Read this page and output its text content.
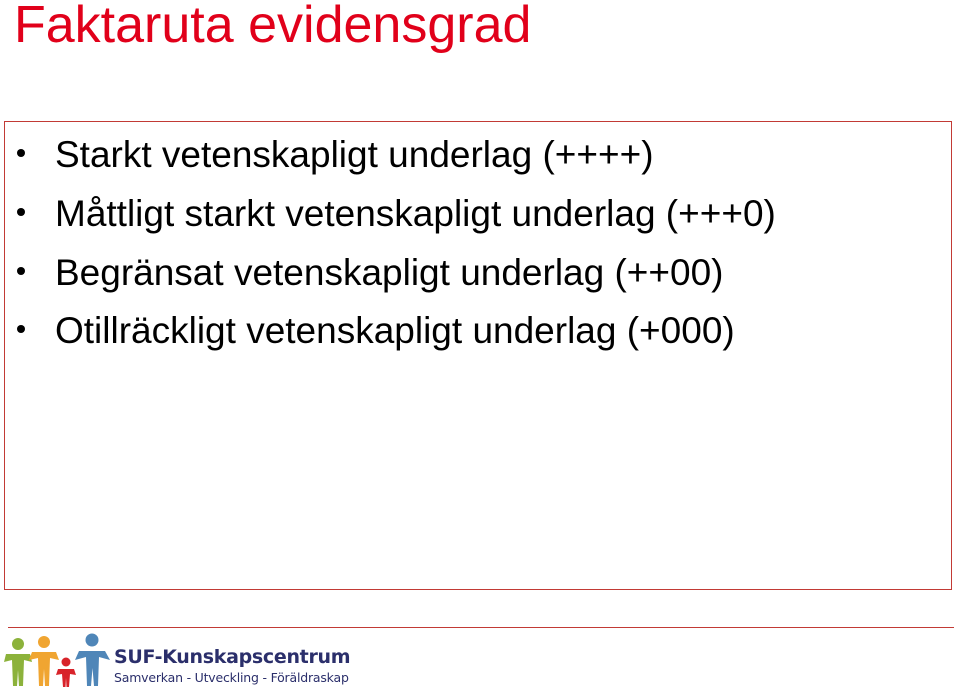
Faktaruta evidensgrad
Starkt vetenskapligt underlag (++++)
Måttligt starkt vetenskapligt underlag (+++0)
Begränsat vetenskapligt underlag (++00)
Otillräckligt vetenskapligt underlag (+000)
SUF-Kunskapscentrum
Samverkan - Utveckling - Föräldraskap
